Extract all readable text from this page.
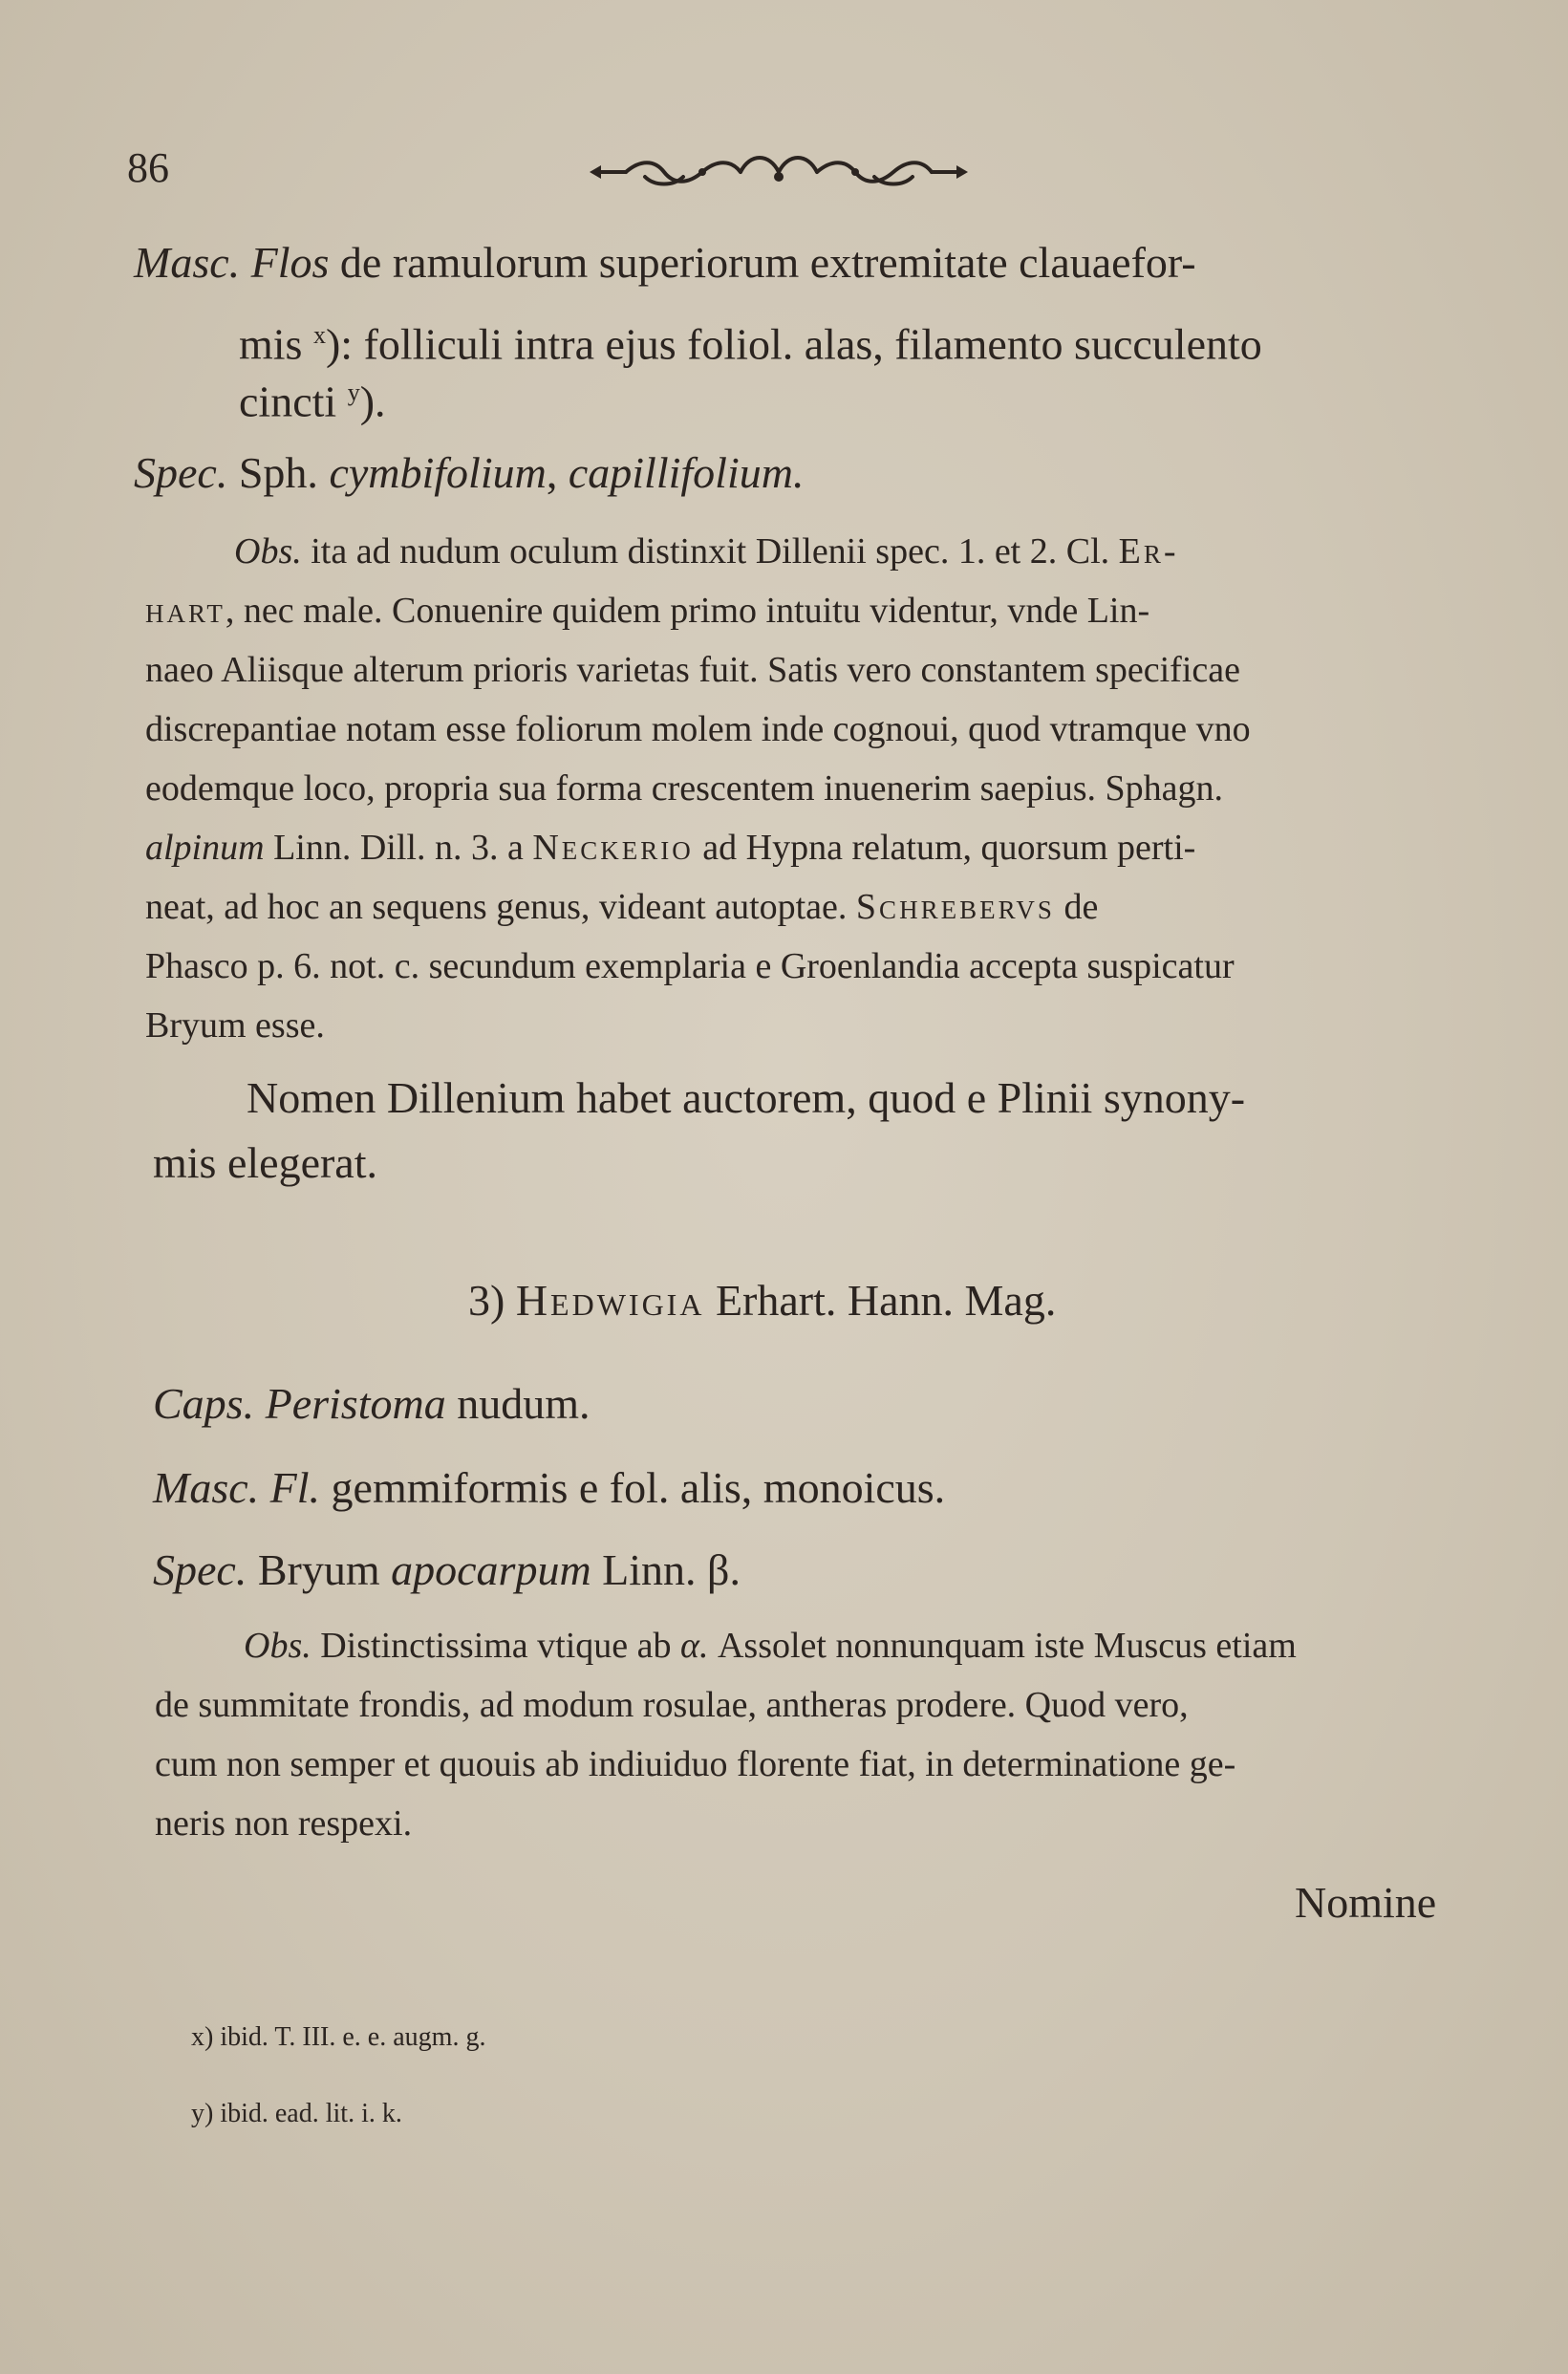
86
Masc. Flos de ramulorum superiorum extremitate clauaefor-
mis $^x$): folliculi intra ejus foliol. alas, filamento succulento
cincti $^y$).
Spec. Sph. cymbifolium, capillifolium.
Obs. ita ad nudum oculum distinxit Dillenii spec. 1. et 2. Cl. Er-
hart, nec male. Conuenire quidem primo intuitu videntur, vnde Lin-
naeo Aliisque alterum prioris varietas fuit. Satis vero constantem specificae
discrepantiae notam esse foliorum molem inde cognoui, quod vtramque vno
eodemque loco, propria sua forma crescentem inuenerim saepius. Sphagn.
alpinum Linn. Dill. n. 3. a Neckerio ad Hypna relatum, quorsum perti-
neat, ad hoc an sequens genus, videant autoptae. Schrebervs de
Phasco p. 6. not. c. secundum exemplaria e Groenlandia accepta suspicatur
Bryum esse.
Nomen Dillenium habet auctorem, quod e Plinii synony-
mis elegerat.
3) Hedwigia Erhart. Hann. Mag.
Caps. Peristoma nudum.
Masc. Fl. gemmiformis e fol. alis, monoicus.
Spec. Bryum apocarpum Linn. β.
Obs. Distinctissima vtique ab α. Assolet nonnunquam iste Muscus etiam
de summitate frondis, ad modum rosulae, antheras prodere. Quod vero,
cum non semper et quouis ab indiuiduo florente fiat, in determinatione ge-
neris non respexi.
Nomine
x) ibid. T. III. e. e. augm. g.
y) ibid. ead. lit. i. k.
